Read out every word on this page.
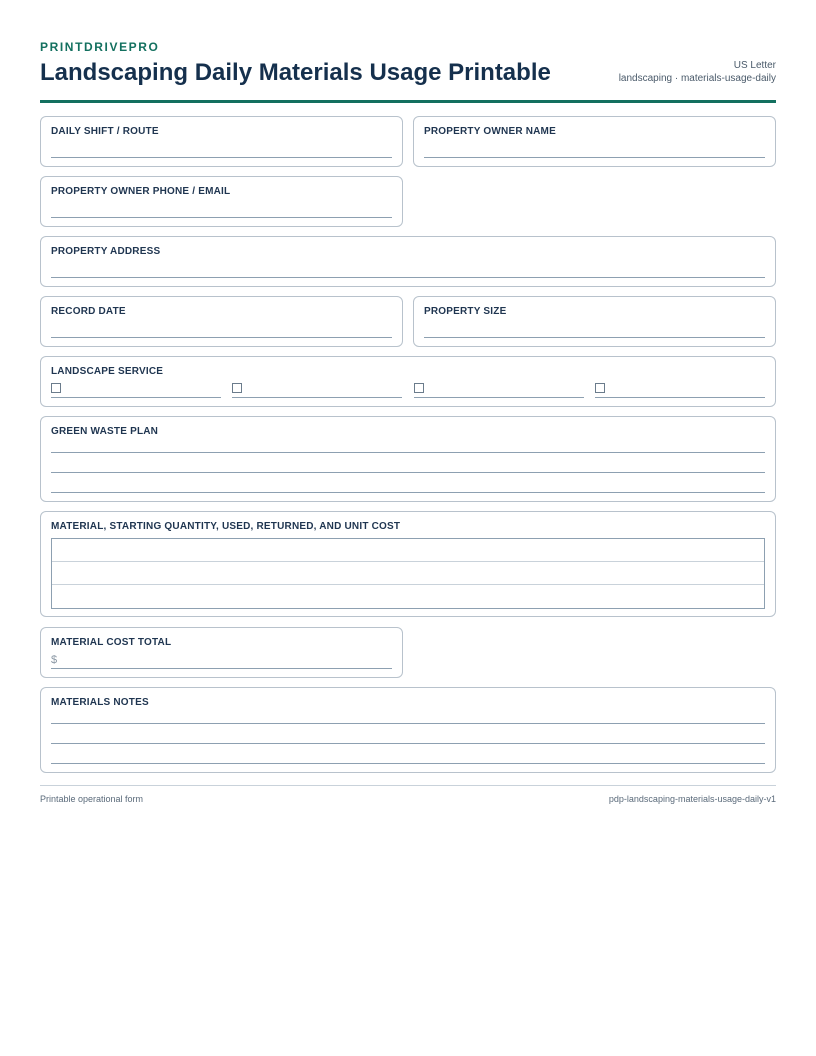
PRINTDRIVEPRO
Landscaping Daily Materials Usage Printable	US Letter
landscaping · materials-usage-daily
DAILY SHIFT / ROUTE	PROPERTY OWNER NAME
PROPERTY OWNER PHONE / EMAIL
PROPERTY ADDRESS
RECORD DATE	PROPERTY SIZE
LANDSCAPE SERVICE
GREEN WASTE PLAN
MATERIAL, STARTING QUANTITY, USED, RETURNED, AND UNIT COST
MATERIAL COST TOTAL
$
MATERIALS NOTES
Printable operational form	pdp-landscaping-materials-usage-daily-v1
